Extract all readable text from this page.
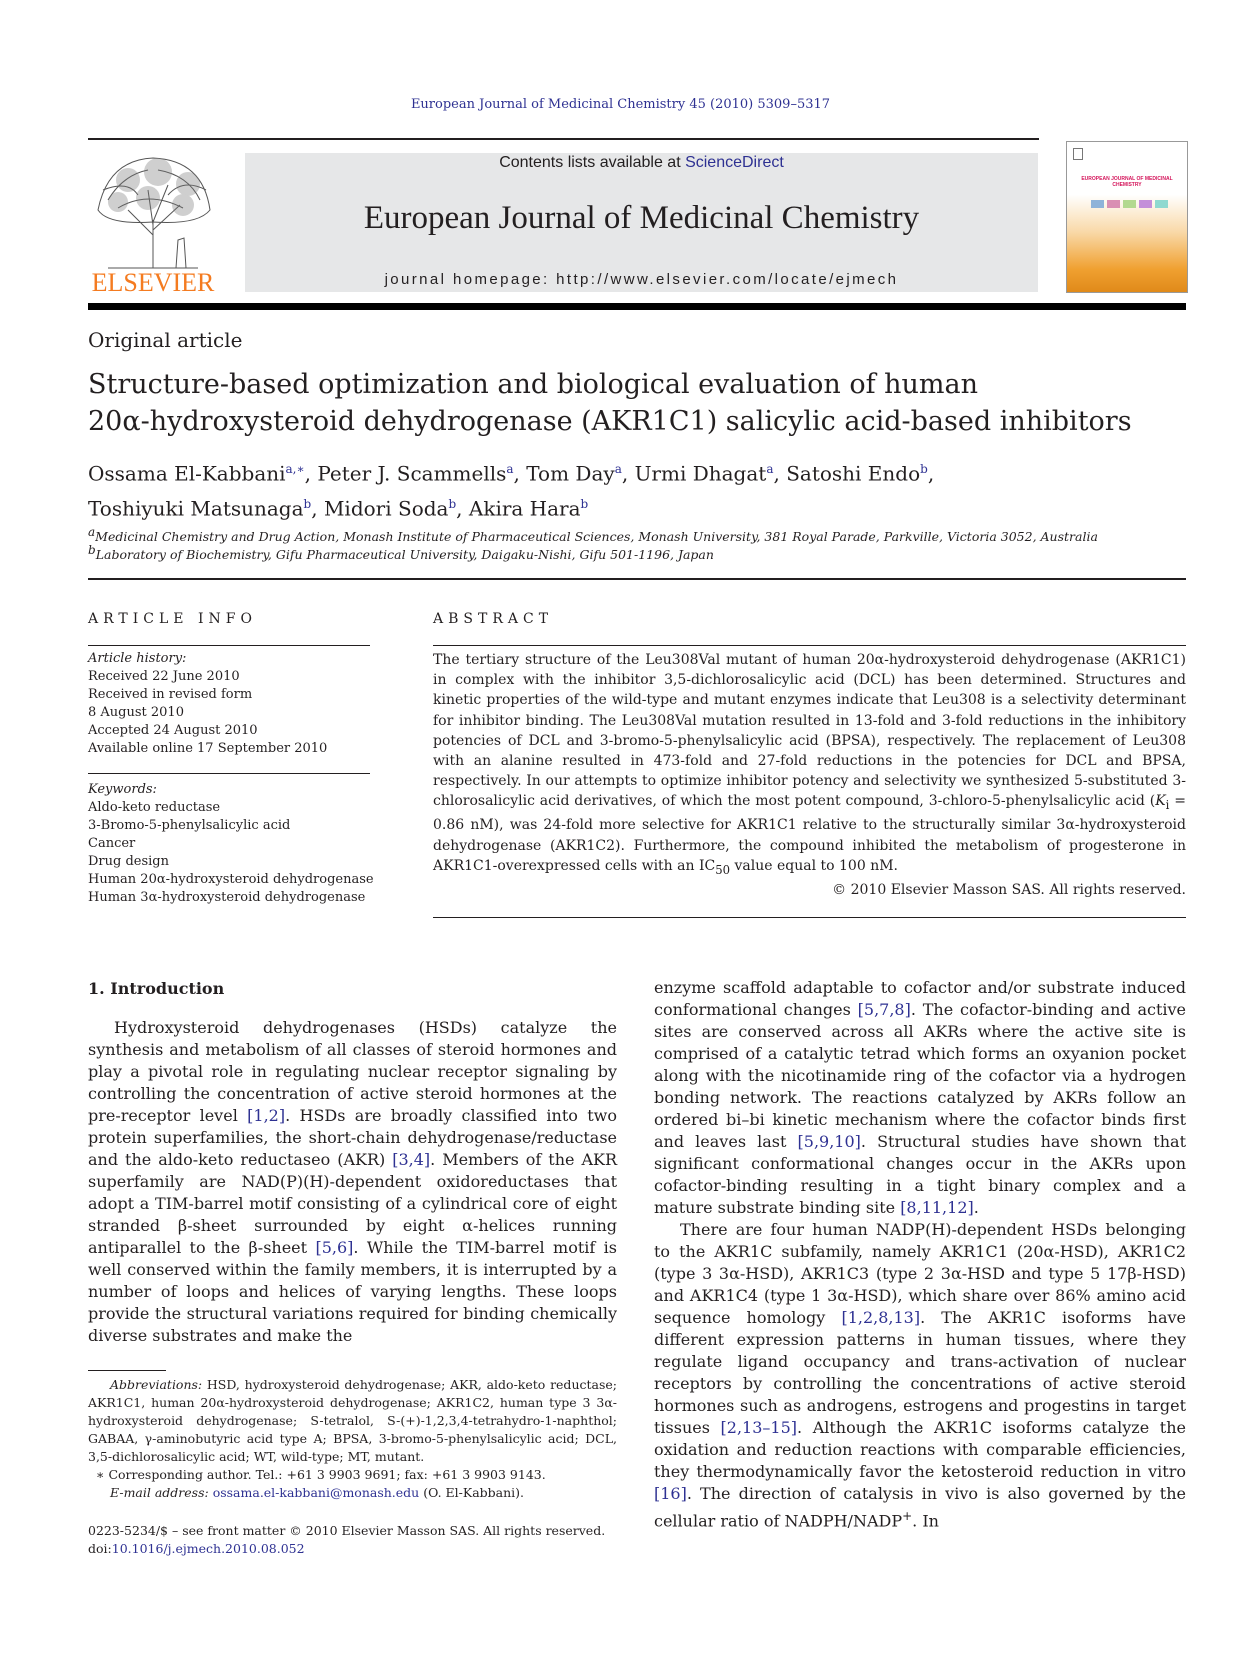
European Journal of Medicinal Chemistry 45 (2010) 5309–5317
ELSEVIER
Contents lists available at ScienceDirect
European Journal of Medicinal Chemistry
journal homepage: http://www.elsevier.com/locate/ejmech
EUROPEAN JOURNAL OF MEDICINAL CHEMISTRY
Original article
Structure-based optimization and biological evaluation of human
20α-hydroxysteroid dehydrogenase (AKR1C1) salicylic acid-based inhibitors
Ossama El-Kabbani$^{a,∗}$, Peter J. Scammells$^a$, Tom Day$^a$, Urmi Dhagat$^a$, Satoshi Endo$^b$,
Toshiyuki Matsunaga$^b$, Midori Soda$^b$, Akira Hara$^b$
$^a$Medicinal Chemistry and Drug Action, Monash Institute of Pharmaceutical Sciences, Monash University, 381 Royal Parade, Parkville, Victoria 3052, Australia
$^b$Laboratory of Biochemistry, Gifu Pharmaceutical University, Daigaku-Nishi, Gifu 501-1196, Japan
ARTICLE INFO
Article history:
Received 22 June 2010
Received in revised form
8 August 2010
Accepted 24 August 2010
Available online 17 September 2010
Keywords:
Aldo-keto reductase
3-Bromo-5-phenylsalicylic acid
Cancer
Drug design
Human 20α-hydroxysteroid dehydrogenase
Human 3α-hydroxysteroid dehydrogenase
ABSTRACT
The tertiary structure of the Leu308Val mutant of human 20α-hydroxysteroid dehydrogenase (AKR1C1) in complex with the inhibitor 3,5-dichlorosalicylic acid (DCL) has been determined. Structures and kinetic properties of the wild-type and mutant enzymes indicate that Leu308 is a selectivity determinant for inhibitor binding. The Leu308Val mutation resulted in 13-fold and 3-fold reductions in the inhibitory potencies of DCL and 3-bromo-5-phenylsalicylic acid (BPSA), respectively. The replacement of Leu308 with an alanine resulted in 473-fold and 27-fold reductions in the potencies for DCL and BPSA, respectively. In our attempts to optimize inhibitor potency and selectivity we synthesized 5-substituted 3-chlorosalicylic acid derivatives, of which the most potent compound, 3-chloro-5-phenylsalicylic acid ($K_i = 0.86$ nM), was 24-fold more selective for AKR1C1 relative to the structurally similar 3α-hydroxysteroid dehydrogenase (AKR1C2). Furthermore, the compound inhibited the metabolism of progesterone in AKR1C1-overexpressed cells with an $IC_{50}$ value equal to 100 nM.
© 2010 Elsevier Masson SAS. All rights reserved.
1. Introduction
Hydroxysteroid dehydrogenases (HSDs) catalyze the synthesis and metabolism of all classes of steroid hormones and play a pivotal role in regulating nuclear receptor signaling by controlling the concentration of active steroid hormones at the pre-receptor level [1,2]. HSDs are broadly classified into two protein superfamilies, the short-chain dehydrogenase/reductase and the aldo-keto reductaseo (AKR) [3,4]. Members of the AKR superfamily are NAD(P)(H)-dependent oxidoreductases that adopt a TIM-barrel motif consisting of a cylindrical core of eight stranded β-sheet surrounded by eight α-helices running antiparallel to the β-sheet [5,6]. While the TIM-barrel motif is well conserved within the family members, it is interrupted by a number of loops and helices of varying lengths. These loops provide the structural variations required for binding chemically diverse substrates and make the

enzyme scaffold adaptable to cofactor and/or substrate induced conformational changes [5,7,8]. The cofactor-binding and active sites are conserved across all AKRs where the active site is comprised of a catalytic tetrad which forms an oxyanion pocket along with the nicotinamide ring of the cofactor via a hydrogen bonding network. The reactions catalyzed by AKRs follow an ordered bi–bi kinetic mechanism where the cofactor binds first and leaves last [5,9,10]. Structural studies have shown that significant conformational changes occur in the AKRs upon cofactor-binding resulting in a tight binary complex and a mature substrate binding site [8,11,12].

There are four human NADP(H)-dependent HSDs belonging to the AKR1C subfamily, namely AKR1C1 (20α-HSD), AKR1C2 (type 3 3α-HSD), AKR1C3 (type 2 3α-HSD and type 5 17β-HSD) and AKR1C4 (type 1 3α-HSD), which share over 86% amino acid sequence homology [1,2,8,13]. The AKR1C isoforms have different expression patterns in human tissues, where they regulate ligand occupancy and trans-activation of nuclear receptors by controlling the concentrations of active steroid hormones such as androgens, estrogens and progestins in target tissues [2,13–15]. Although the AKR1C isoforms catalyze the oxidation and reduction reactions with comparable efficiencies, they thermodynamically favor the ketosteroid reduction in vitro [16]. The direction of catalysis in vivo is also governed by the cellular ratio of NADPH/NADP+. In

Abbreviations: HSD, hydroxysteroid dehydrogenase; AKR, aldo-keto reductase; AKR1C1, human 20α-hydroxysteroid dehydrogenase; AKR1C2, human type 3 3α-hydroxysteroid dehydrogenase; S-tetralol, S-(+)-1,2,3,4-tetrahydro-1-naphthol; GABAA, γ-aminobutyric acid type A; BPSA, 3-bromo-5-phenylsalicylic acid; DCL, 3,5-dichlorosalicylic acid; WT, wild-type; MT, mutant.

∗ Corresponding author. Tel.: +61 3 9903 9691; fax: +61 3 9903 9143.

E-mail address: ossama.el-kabbani@monash.edu (O. El-Kabbani).

0223-5234/$ – see front matter © 2010 Elsevier Masson SAS. All rights reserved.
doi:10.1016/j.ejmech.2010.08.052
